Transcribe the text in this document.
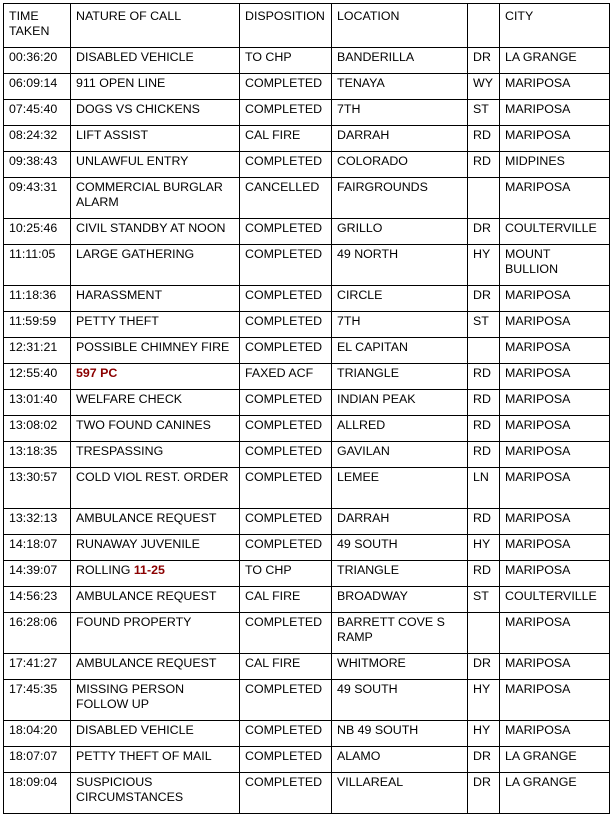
TIME TAKEN	NATURE OF CALL	DISPOSITION	LOCATION		CITY
00:36:20	DISABLED VEHICLE	TO CHP	BANDERILLA	DR	LA GRANGE
06:09:14	911 OPEN LINE	COMPLETED	TENAYA	WY	MARIPOSA
07:45:40	DOGS VS CHICKENS	COMPLETED	7TH	ST	MARIPOSA
08:24:32	LIFT ASSIST	CAL FIRE	DARRAH	RD	MARIPOSA
09:38:43	UNLAWFUL ENTRY	COMPLETED	COLORADO	RD	MIDPINES
09:43:31	COMMERCIAL BURGLAR ALARM	CANCELLED	FAIRGROUNDS		MARIPOSA
10:25:46	CIVIL STANDBY AT NOON	COMPLETED	GRILLO	DR	COULTERVILLE
11:11:05	LARGE GATHERING	COMPLETED	49 NORTH	HY	MOUNT BULLION
11:18:36	HARASSMENT	COMPLETED	CIRCLE	DR	MARIPOSA
11:59:59	PETTY THEFT	COMPLETED	7TH	ST	MARIPOSA
12:31:21	POSSIBLE CHIMNEY FIRE	COMPLETED	EL CAPITAN		MARIPOSA
12:55:40	597 PC	FAXED ACF	TRIANGLE	RD	MARIPOSA
13:01:40	WELFARE CHECK	COMPLETED	INDIAN PEAK	RD	MARIPOSA
13:08:02	TWO FOUND CANINES	COMPLETED	ALLRED	RD	MARIPOSA
13:18:35	TRESPASSING	COMPLETED	GAVILAN	RD	MARIPOSA
13:30:57	COLD VIOL REST. ORDER	COMPLETED	LEMEE	LN	MARIPOSA
13:32:13	AMBULANCE REQUEST	COMPLETED	DARRAH	RD	MARIPOSA
14:18:07	RUNAWAY JUVENILE	COMPLETED	49 SOUTH	HY	MARIPOSA
14:39:07	ROLLING 11-25	TO CHP	TRIANGLE	RD	MARIPOSA
14:56:23	AMBULANCE REQUEST	CAL FIRE	BROADWAY	ST	COULTERVILLE
16:28:06	FOUND PROPERTY	COMPLETED	BARRETT COVE S RAMP		MARIPOSA
17:41:27	AMBULANCE REQUEST	CAL FIRE	WHITMORE	DR	MARIPOSA
17:45:35	MISSING PERSON FOLLOW UP	COMPLETED	49 SOUTH	HY	MARIPOSA
18:04:20	DISABLED VEHICLE	COMPLETED	NB 49 SOUTH	HY	MARIPOSA
18:07:07	PETTY THEFT OF MAIL	COMPLETED	ALAMO	DR	LA GRANGE
18:09:04	SUSPICIOUS CIRCUMSTANCES	COMPLETED	VILLAREAL	DR	LA GRANGE
